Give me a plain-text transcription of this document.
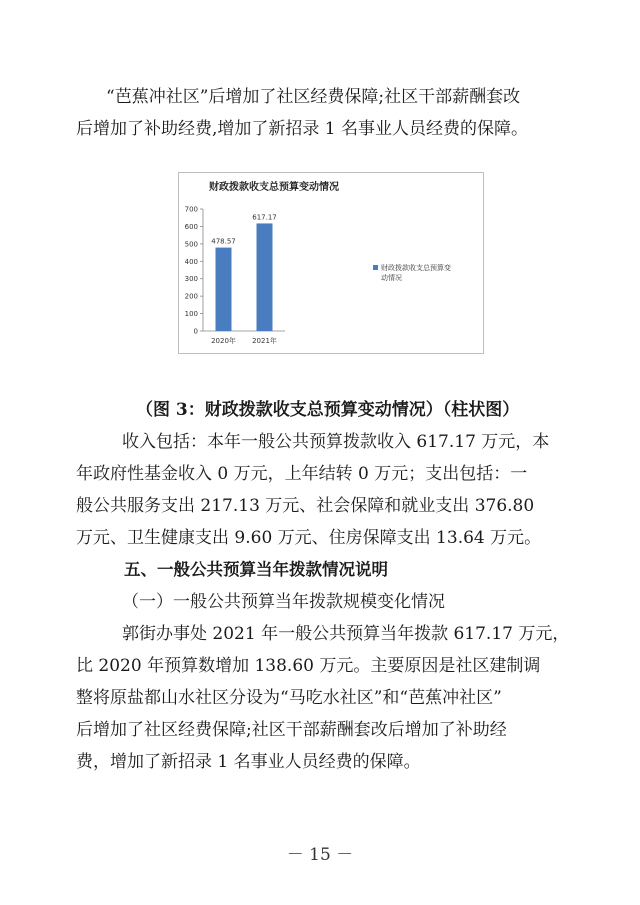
“芭蕉冲社区”后增加了社区经费保障;社区干部薪酬套改
后增加了补助经费,增加了新招录 1 名事业人员经费的保障。
财政拨款收支总预算变动情况
0
100
200
300
400
500
600
700
478.57
2020年
617.17
2021年
财政拨款收支总预算变
动情况
（图 3：财政拨款收支总预算变动情况）（柱状图）
收入包括：本年一般公共预算拨款收入 617.17 万元，本
年政府性基金收入 0 万元，上年结转 0 万元；支出包括：一
般公共服务支出 217.13 万元、社会保障和就业支出 376.80
万元、卫生健康支出 9.60 万元、住房保障支出 13.64 万元。
五、一般公共预算当年拨款情况说明
（一）一般公共预算当年拨款规模变化情况
郭街办事处 2021 年一般公共预算当年拨款 617.17 万元，
比 2020 年预算数增加 138.60 万元。主要原因是社区建制调
整将原盐都山水社区分设为“马吃水社区”和“芭蕉冲社区”
后增加了社区经费保障;社区干部薪酬套改后增加了补助经
费，增加了新招录 1 名事业人员经费的保障。
－ 15 －
